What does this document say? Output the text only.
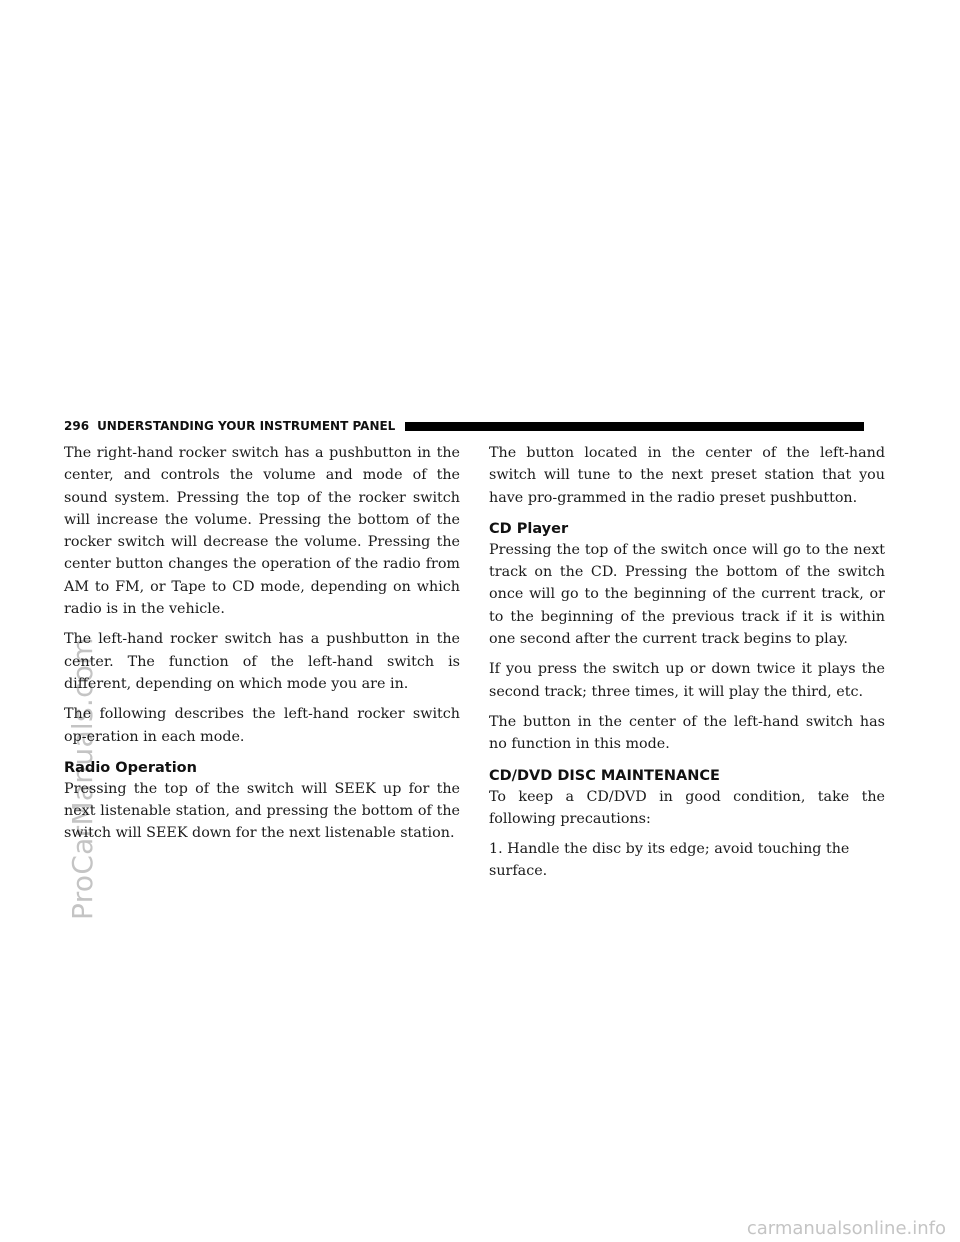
ProCarManuals.com
296 UNDERSTANDING YOUR INSTRUMENT PANEL

The right-hand rocker switch has a pushbutton in the center, and controls the volume and mode of the sound system. Pressing the top of the rocker switch will increase the volume. Pressing the bottom of the rocker switch will decrease the volume. Pressing the center button changes the operation of the radio from AM to FM, or Tape to CD mode, depending on which radio is in the vehicle.

The left-hand rocker switch has a pushbutton in the center. The function of the left-hand switch is different, depending on which mode you are in.

The following describes the left-hand rocker switch op-eration in each mode.

Radio Operation

Pressing the top of the switch will SEEK up for the next listenable station, and pressing the bottom of the switch will SEEK down for the next listenable station.

The button located in the center of the left-hand switch will tune to the next preset station that you have pro-grammed in the radio preset pushbutton.

CD Player

Pressing the top of the switch once will go to the next track on the CD. Pressing the bottom of the switch once will go to the beginning of the current track, or to the beginning of the previous track if it is within one second after the current track begins to play.

If you press the switch up or down twice it plays the second track; three times, it will play the third, etc.

The button in the center of the left-hand switch has no function in this mode.

CD/DVD DISC MAINTENANCE

To keep a CD/DVD in good condition, take the following precautions:

1. Handle the disc by its edge; avoid touching the surface.

carmanualsonline.info
